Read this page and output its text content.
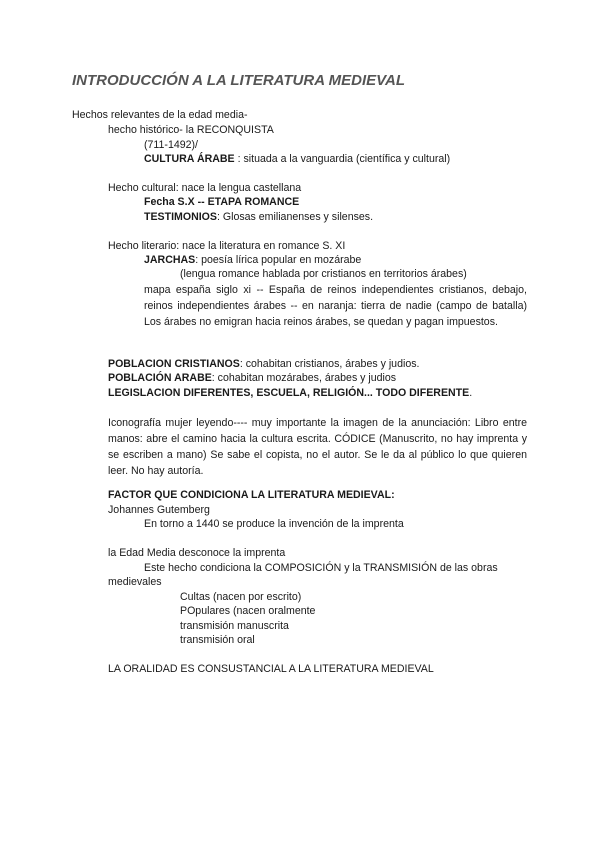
INTRODUCCIÓN A LA LITERATURA MEDIEVAL
Hechos relevantes de la edad media-
hecho histórico- la RECONQUISTA
(711-1492)/
CULTURA ÁRABE : situada a la vanguardia (científica y cultural)
Hecho cultural: nace la lengua castellana
Fecha S.X -- ETAPA ROMANCE
TESTIMONIOS: Glosas emilianenses y silenses.
Hecho literario: nace la literatura en romance S. XI
JARCHAS: poesía lírica popular en mozárabe
(lengua romance hablada por cristianos en territorios árabes)
mapa españa siglo xi -- España de reinos independientes cristianos, debajo, reinos independientes árabes -- en naranja: tierra de nadie (campo de batalla) Los árabes no emigran hacia reinos árabes, se quedan y pagan impuestos.
POBLACION CRISTIANOS: cohabitan cristianos, árabes y judios.
POBLACIÓN ARABE: cohabitan mozárabes, árabes y judios
LEGISLACION DIFERENTES, ESCUELA, RELIGIÓN... TODO DIFERENTE.
Iconografía mujer leyendo---- muy importante la imagen de la anunciación: Libro entre manos: abre el camino hacia la cultura escrita. CÓDICE (Manuscrito, no hay imprenta y se escriben a mano) Se sabe el copista, no el autor. Se le da al público lo que quieren leer. No hay autoría.
FACTOR QUE CONDICIONA LA LITERATURA MEDIEVAL:
Johannes Gutemberg
En torno a 1440 se produce la invención de la imprenta
la Edad Media desconoce la imprenta
Este hecho condiciona la COMPOSICIÓN y la TRANSMISIÓN de las obras
medievales
Cultas (nacen por escrito)
POpulares (nacen oralmente
transmisión manuscrita
transmisión oral
LA ORALIDAD ES CONSUSTANCIAL A LA LITERATURA MEDIEVAL
